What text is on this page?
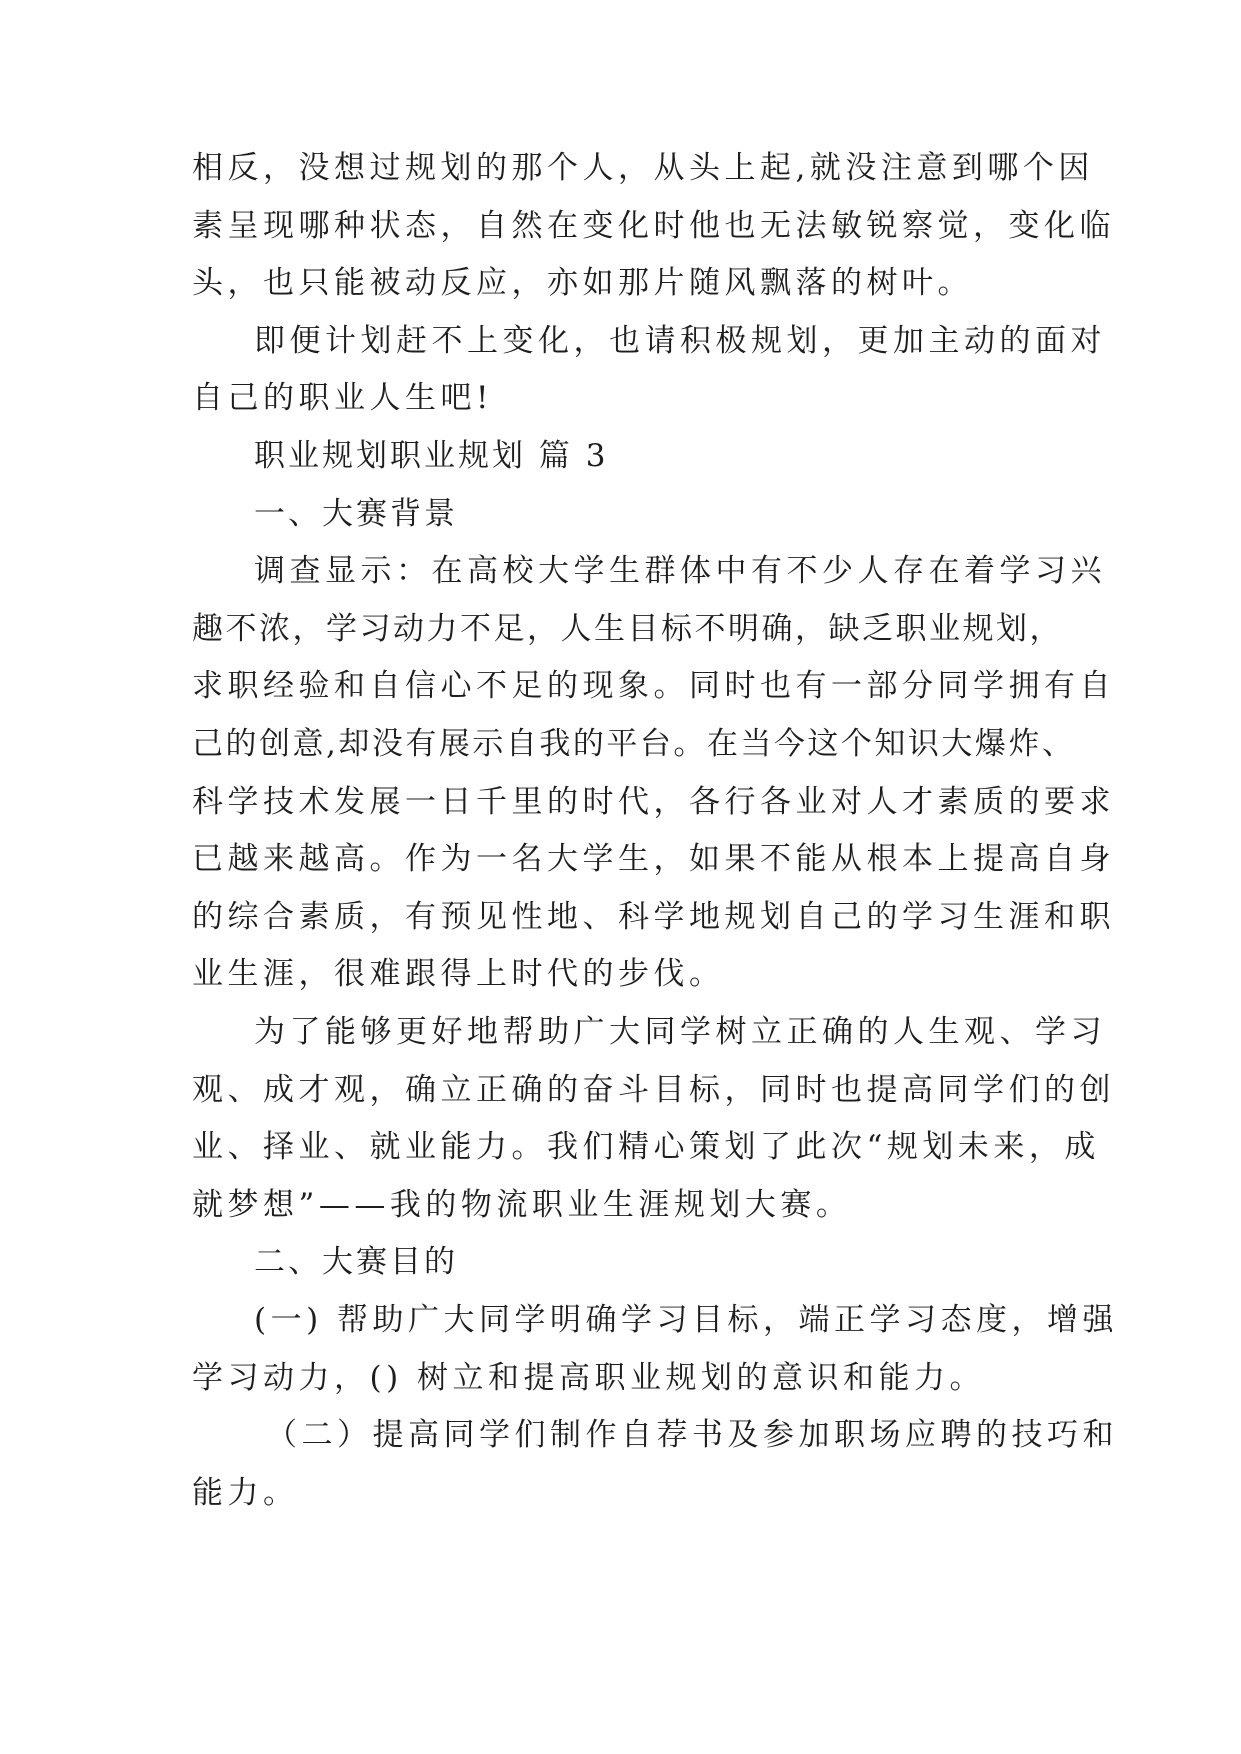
相反，没想过规划的那个人，从头上起,就没注意到哪个因

素呈现哪种状态，自然在变化时他也无法敏锐察觉，变化临

头，也只能被动反应，亦如那片随风飘落的树叶。

即便计划赶不上变化，也请积极规划，更加主动的面对

自己的职业人生吧!

职业规划职业规划 篇 3

一、大赛背景

调查显示：在高校大学生群体中有不少人存在着学习兴

趣不浓，学习动力不足，人生目标不明确，缺乏职业规划，

求职经验和自信心不足的现象。同时也有一部分同学拥有自

己的创意,却没有展示自我的平台。在当今这个知识大爆炸、

科学技术发展一日千里的时代，各行各业对人才素质的要求

已越来越高。作为一名大学生，如果不能从根本上提高自身

的综合素质，有预见性地、科学地规划自己的学习生涯和职

业生涯，很难跟得上时代的步伐。

为了能够更好地帮助广大同学树立正确的人生观、学习

观、成才观，确立正确的奋斗目标，同时也提高同学们的创

业、择业、就业能力。我们精心策划了此次“规划未来，成

就梦想”——我的物流职业生涯规划大赛。

二、大赛目的

(一) 帮助广大同学明确学习目标，端正学习态度，增强

学习动力，() 树立和提高职业规划的意识和能力。

（二）提高同学们制作自荐书及参加职场应聘的技巧和

能力。
